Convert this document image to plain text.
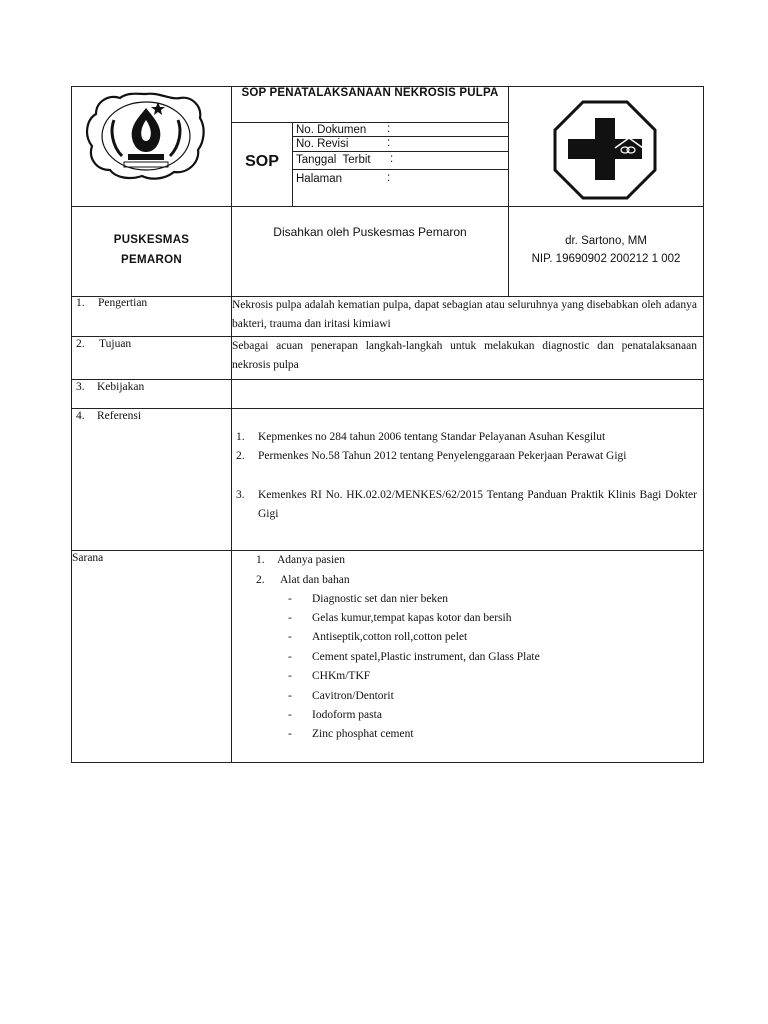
SOP PENATALAKSANAAN NEKROSIS PULPA
SOP
No. Dokumen :
No. Revisi	:
Tanggal  Terbit :
Halaman	:
PUSKESMAS
PEMARON
Disahkan oleh Puskesmas Pemaron
dr. Sartono, MM
NIP. 19690902 200212 1 002
1. Pengertian	Nekrosis pulpa adalah kematian pulpa, dapat sebagian atau seluruhnya yang disebabkan oleh adanya bakteri, trauma dan iritasi kimiawi
2. Tujuan	Sebagai acuan penerapan langkah-langkah untuk melakukan diagnostic dan penatalaksanaan nekrosis pulpa
3. Kebijakan
4. Referensi
1. Kepmenkes no 284 tahun 2006 tentang Standar Pelayanan Asuhan Kesgilut
2. Permenkes No.58 Tahun 2012 tentang Penyelenggaraan Pekerjaan Perawat Gigi
3. Kemenkes RI No. HK.02.02/MENKES/62/2015 Tentang Panduan Praktik Klinis Bagi Dokter Gigi
Sarana	1. Adanya pasien
2. Alat dan bahan
- Diagnostic set dan nier beken
- Gelas kumur,tempat kapas kotor dan bersih
- Antiseptik,cotton roll,cotton pelet
- Cement spatel,Plastic instrument, dan Glass Plate
- CHKm/TKF
- Cavitron/Dentorit
- Iodoform pasta
- Zinc phosphat cement
